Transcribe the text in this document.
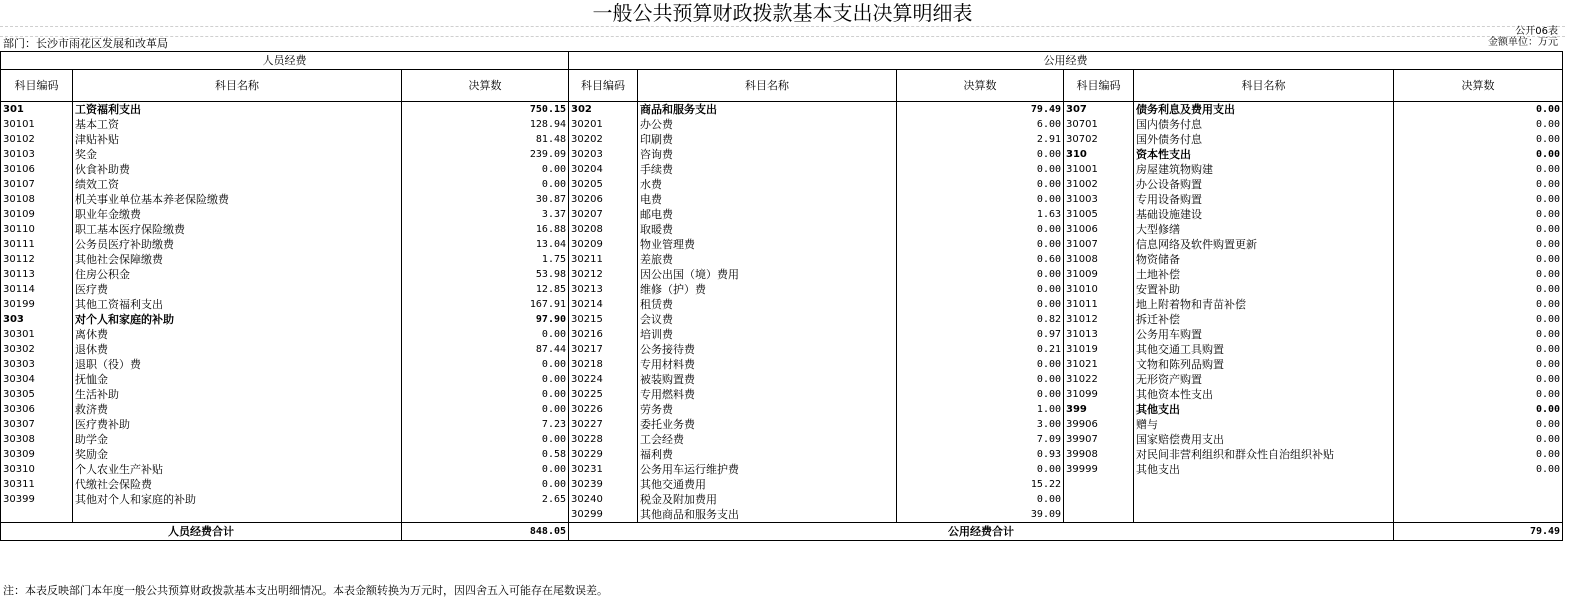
一般公共预算财政拨款基本支出决算明细表
公开06表
部门：长沙市雨花区发展和改革局	金额单位：万元
人员经费			公用经费					
科目编码	科目名称	决算数	科目编码	科目名称	决算数	科目编码	科目名称	决算数
301	工资福利支出	750.15	302	商品和服务支出	79.49	307	债务利息及费用支出	0.00
30101	基本工资	128.94	30201	办公费	6.00	30701	国内债务付息	0.00
30102	津贴补贴	81.48	30202	印刷费	2.91	30702	国外债务付息	0.00
30103	奖金	239.09	30203	咨询费	0.00	310	资本性支出	0.00
30106	伙食补助费	0.00	30204	手续费	0.00	31001	房屋建筑物购建	0.00
30107	绩效工资	0.00	30205	水费	0.00	31002	办公设备购置	0.00
30108	机关事业单位基本养老保险缴费	30.87	30206	电费	0.00	31003	专用设备购置	0.00
30109	职业年金缴费	3.37	30207	邮电费	1.63	31005	基础设施建设	0.00
30110	职工基本医疗保险缴费	16.88	30208	取暖费	0.00	31006	大型修缮	0.00
30111	公务员医疗补助缴费	13.04	30209	物业管理费	0.00	31007	信息网络及软件购置更新	0.00
30112	其他社会保障缴费	1.75	30211	差旅费	0.60	31008	物资储备	0.00
30113	住房公积金	53.98	30212	因公出国（境）费用	0.00	31009	土地补偿	0.00
30114	医疗费	12.85	30213	维修（护）费	0.00	31010	安置补助	0.00
30199	其他工资福利支出	167.91	30214	租赁费	0.00	31011	地上附着物和青苗补偿	0.00
303	对个人和家庭的补助	97.90	30215	会议费	0.82	31012	拆迁补偿	0.00
30301	离休费	0.00	30216	培训费	0.97	31013	公务用车购置	0.00
30302	退休费	87.44	30217	公务接待费	0.21	31019	其他交通工具购置	0.00
30303	退职（役）费	0.00	30218	专用材料费	0.00	31021	文物和陈列品购置	0.00
30304	抚恤金	0.00	30224	被装购置费	0.00	31022	无形资产购置	0.00
30305	生活补助	0.00	30225	专用燃料费	0.00	31099	其他资本性支出	0.00
30306	救济费	0.00	30226	劳务费	1.00	399	其他支出	0.00
30307	医疗费补助	7.23	30227	委托业务费	3.00	39906	赠与	0.00
30308	助学金	0.00	30228	工会经费	7.09	39907	国家赔偿费用支出	0.00
30309	奖励金	0.58	30229	福利费	0.93	39908	对民间非营利组织和群众性自治组织补贴	0.00
30310	个人农业生产补贴	0.00	30231	公务用车运行维护费	0.00	39999	其他支出	0.00
30311	代缴社会保险费	0.00	30239	其他交通费用	15.22			
30399	其他对个人和家庭的补助	2.65	30240	税金及附加费用	0.00			
			30299	其他商品和服务支出	39.09			
人员经费合计		848.05	公用经费合计					79.49
注：本表反映部门本年度一般公共预算财政拨款基本支出明细情况。本表金额转换为万元时，因四舍五入可能存在尾数误差。
